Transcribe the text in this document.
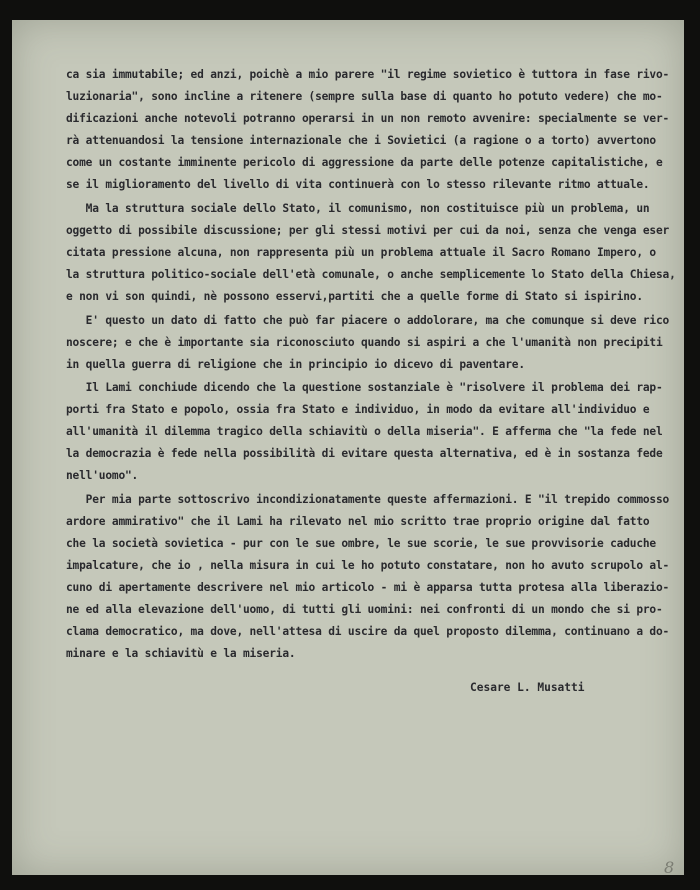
ca sia immutabile; ed anzi, poichè a mio parere "il regime sovietico è tuttora in fase rivo-
luzionaria", sono incline a ritenere (sempre sulla base di quanto ho potuto vedere) che mo-
dificazioni anche notevoli potranno operarsi in un non remoto avvenire: specialmente se ver-
rà attenuandosi la tensione internazionale che i Sovietici (a ragione o a torto) avvertono
come un costante imminente pericolo di aggressione da parte delle potenze capitalistiche, e
se il miglioramento del livello di vita continuerà con lo stesso rilevante ritmo attuale.
Ma la struttura sociale dello Stato, il comunismo, non costituisce più un problema, un
oggetto di possibile discussione; per gli stessi motivi per cui da noi, senza che venga eser
citata pressione alcuna, non rappresenta più un problema attuale il Sacro Romano Impero, o
la struttura politico-sociale dell'età comunale, o anche semplicemente lo Stato della Chiesa,
e non vi son quindi, nè possono esservi,partiti che a quelle forme di Stato si ispirino.
E' questo un dato di fatto che può far piacere o addolorare, ma che comunque si deve rico
noscere; e che è importante sia riconosciuto quando si aspiri a che l'umanità non precipiti
in quella guerra di religione che in principio io dicevo di paventare.
Il Lami conchiude dicendo che la questione sostanziale è "risolvere il problema dei rap-
porti fra Stato e popolo, ossia fra Stato e individuo, in modo da evitare all'individuo e
all'umanità il dilemma tragico della schiavitù o della miseria". E afferma che "la fede nel
la democrazia è fede nella possibilità di evitare questa alternativa, ed è in sostanza fede
nell'uomo".
Per mia parte sottoscrivo incondizionatamente queste affermazioni. E "il trepido commosso
ardore ammirativo" che il Lami ha rilevato nel mio scritto trae proprio origine dal fatto
che la società sovietica - pur con le sue ombre, le sue scorie, le sue provvisorie caduche
impalcature, che io , nella misura in cui le ho potuto constatare, non ho avuto scrupolo al-
cuno di apertamente descrivere nel mio articolo - mi è apparsa tutta protesa alla liberazio-
ne ed alla elevazione dell'uomo, di tutti gli uomini: nei confronti di un mondo che si pro-
clama democratico, ma dove, nell'attesa di uscire da quel proposto dilemma, continuano a do-
minare e la schiavitù e la miseria.
Cesare L. Musatti
8
